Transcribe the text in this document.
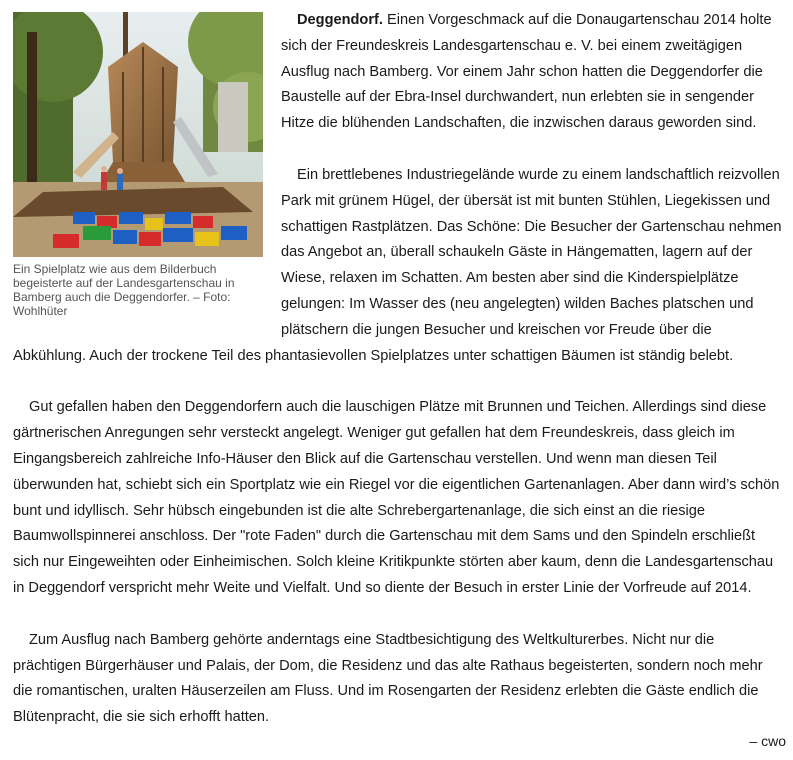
Ein Spielplatz wie aus dem Bilderbuch begeisterte auf der Landesgartenschau in Bamberg auch die Deggendorfer. – Foto: Wohlhüter

Deggendorf. Einen Vorgeschmack auf die Donaugartenschau 2014 holte sich der Freundeskreis Landesgartenschau e. V. bei einem zweitägigen Ausflug nach Bamberg. Vor einem Jahr schon hatten die Deggendorfer die Baustelle auf der Ebra-Insel durchwandert, nun erlebten sie in sengender Hitze die blühenden Landschaften, die inzwischen daraus geworden sind.

Ein brettlebenes Industriegelände wurde zu einem landschaftlich reizvollen Park mit grünem Hügel, der übersät ist mit bunten Stühlen, Liegekissen und schattigen Rastplätzen. Das Schöne: Die Besucher der Gartenschau nehmen das Angebot an, überall schaukeln Gäste in Hängematten, lagern auf der Wiese, relaxen im Schatten. Am besten aber sind die Kinderspielplätze gelungen: Im Wasser des (neu angelegten) wilden Baches platschen und plätschern die jungen Besucher und kreischen vor Freude über die Abkühlung. Auch der trockene Teil des phantasievollen Spielplatzes unter schattigen Bäumen ist ständig belebt.

Gut gefallen haben den Deggendorfern auch die lauschigen Plätze mit Brunnen und Teichen. Allerdings sind diese gärtnerischen Anregungen sehr versteckt angelegt. Weniger gut gefallen hat dem Freundeskreis, dass gleich im Eingangsbereich zahlreiche Info-Häuser den Blick auf die Gartenschau verstellen. Und wenn man diesen Teil überwunden hat, schiebt sich ein Sportplatz wie ein Riegel vor die eigentlichen Gartenanlagen. Aber dann wird’s schön bunt und idyllisch. Sehr hübsch eingebunden ist die alte Schrebergartenanlage, die sich einst an die riesige Baumwollspinnerei anschloss. Der "rote Faden" durch die Gartenschau mit dem Sams und den Spindeln erschließt sich nur Eingeweihten oder Einheimischen. Solch kleine Kritikpunkte störten aber kaum, denn die Landesgartenschau in Deggendorf verspricht mehr Weite und Vielfalt. Und so diente der Besuch in erster Linie der Vorfreude auf 2014.

Zum Ausflug nach Bamberg gehörte anderntags eine Stadtbesichtigung des Weltkulturerbes. Nicht nur die prächtigen Bürgerhäuser und Palais, der Dom, die Residenz und das alte Rathaus begeisterten, sondern noch mehr die romantischen, uralten Häuserzeilen am Fluss. Und im Rosengarten der Residenz erlebten die Gäste endlich die Blütenpracht, die sie sich erhofft hatten.

– cwo
